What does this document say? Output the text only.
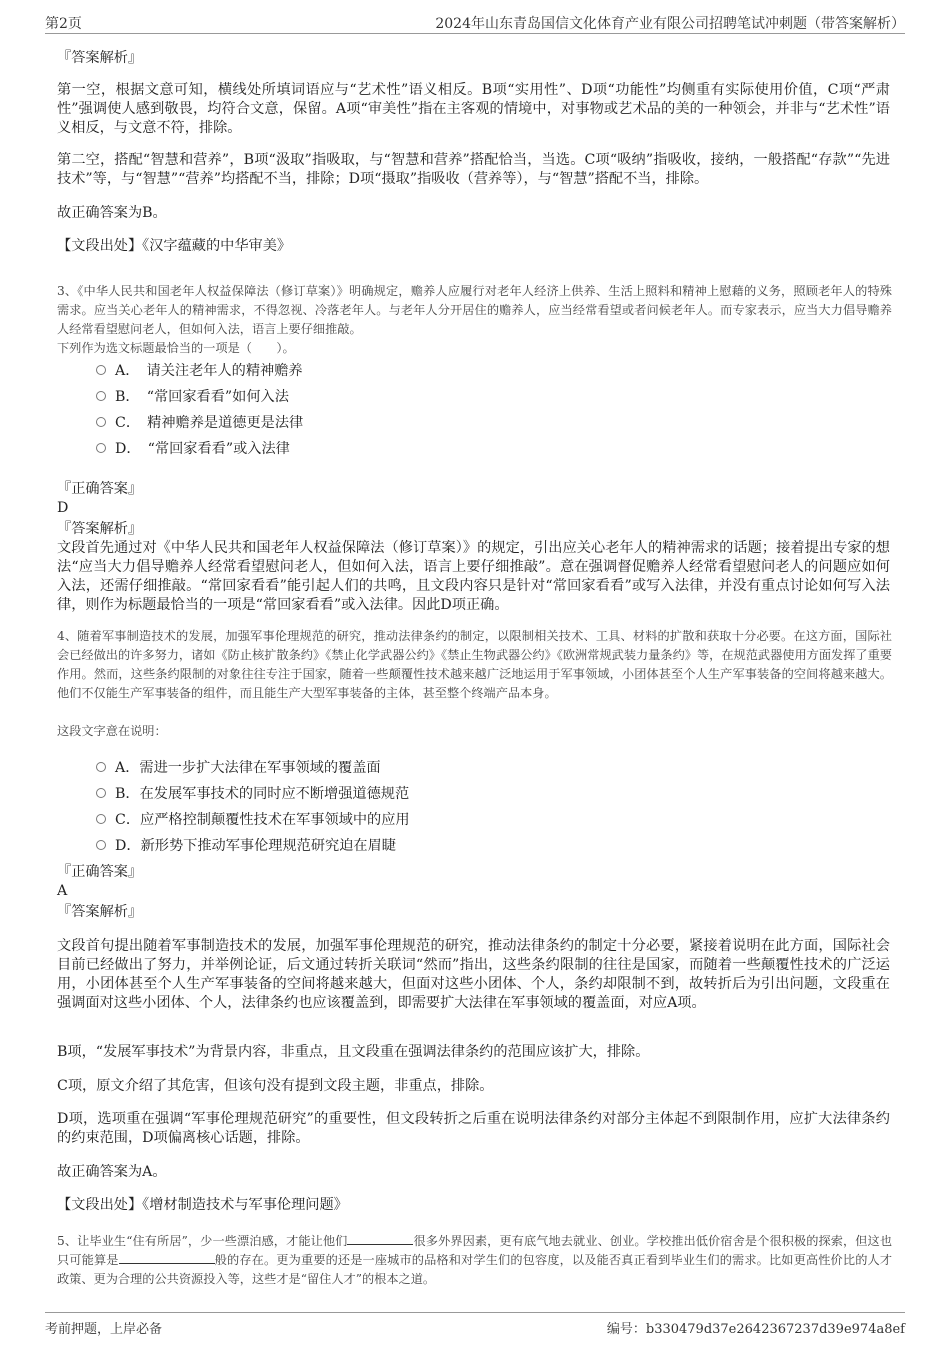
第2页	2024年山东青岛国信文化体育产业有限公司招聘笔试冲刺题（带答案解析）
『答案解析』
第一空，根据文意可知，横线处所填词语应与“艺术性”语义相反。B项“实用性”、D项“功能性”均侧重有实际使用价值，C项“严肃性”强调使人感到敬畏，均符合文意，保留。A项“审美性”指在主客观的情境中，对事物或艺术品的美的一种领会，并非与“艺术性”语义相反，与文意不符，排除。
第二空，搭配“智慧和营养”，B项“汲取”指吸取，与“智慧和营养”搭配恰当，当选。C项“吸纳”指吸收，接纳，一般搭配“存款”“先进技术”等，与“智慧”“营养”均搭配不当，排除；D项“摄取”指吸收（营养等），与“智慧”搭配不当，排除。
故正确答案为B。
【文段出处】《汉字蕴藏的中华审美》
3、《中华人民共和国老年人权益保障法（修订草案）》明确规定，赡养人应履行对老年人经济上供养、生活上照料和精神上慰藉的义务，照顾老年人的特殊需求。应当关心老年人的精神需求，不得忽视、冷落老年人。与老年人分开居住的赡养人，应当经常看望或者问候老年人。而专家表示，应当大力倡导赡养人经常看望慰问老人，但如何入法，语言上要仔细推敲。
下列作为选文标题最恰当的一项是（　　）。
A．　请关注老年人的精神赡养
B．　“常回家看看”如何入法
C．　精神赡养是道德更是法律
D．　“常回家看看”或入法律
『正确答案』
D
『答案解析』
文段首先通过对《中华人民共和国老年人权益保障法（修订草案）》的规定，引出应关心老年人的精神需求的话题；接着提出专家的想法“应当大力倡导赡养人经常看望慰问老人，但如何入法，语言上要仔细推敲”。意在强调督促赡养人经常看望慰问老人的问题应如何入法，还需仔细推敲。“常回家看看”能引起人们的共鸣，且文段内容只是针对“常回家看看”或写入法律，并没有重点讨论如何写入法律，则作为标题最恰当的一项是“常回家看看”或入法律。因此D项正确。
4、随着军事制造技术的发展，加强军事伦理规范的研究，推动法律条约的制定，以限制相关技术、工具、材料的扩散和获取十分必要。在这方面，国际社会已经做出的许多努力，诸如《防止核扩散条约》《禁止化学武器公约》《禁止生物武器公约》《欧洲常规武装力量条约》等，在规范武器使用方面发挥了重要作用。然而，这些条约限制的对象往往专注于国家，随着一些颠覆性技术越来越广泛地运用于军事领域，小团体甚至个人生产军事装备的空间将越来越大。他们不仅能生产军事装备的组件，而且能生产大型军事装备的主体，甚至整个终端产品本身。
这段文字意在说明：
A．需进一步扩大法律在军事领域的覆盖面
B．在发展军事技术的同时应不断增强道德规范
C．应严格控制颠覆性技术在军事领域中的应用
D．新形势下推动军事伦理规范研究迫在眉睫
『正确答案』
A
『答案解析』
文段首句提出随着军事制造技术的发展，加强军事伦理规范的研究，推动法律条约的制定十分必要，紧接着说明在此方面，国际社会目前已经做出了努力，并举例论证，后文通过转折关联词“然而”指出，这些条约限制的往往是国家，而随着一些颠覆性技术的广泛运用，小团体甚至个人生产军事装备的空间将越来越大，但面对这些小团体、个人，条约却限制不到，故转折后为引出问题，文段重在强调面对这些小团体、个人，法律条约也应该覆盖到，即需要扩大法律在军事领域的覆盖面，对应A项。
B项，“发展军事技术”为背景内容，非重点，且文段重在强调法律条约的范围应该扩大，排除。
C项，原文介绍了其危害，但该句没有提到文段主题，非重点，排除。
D项，选项重在强调“军事伦理规范研究”的重要性，但文段转折之后重在说明法律条约对部分主体起不到限制作用，应扩大法律条约的约束范围，D项偏离核心话题，排除。
故正确答案为A。
【文段出处】《增材制造技术与军事伦理问题》
5、让毕业生“住有所居”，少一些漂泊感，才能让他们	很多外界因素，更有底气地去就业、创业。学校推出低价宿舍是个很积极的探索，但这也只可能算是	般的存在。更为重要的还是一座城市的品格和对学生们的包容度，以及能否真正看到毕业生们的需求。比如更高性价比的人才政策、更为合理的公共资源投入等，这些才是“留住人才”的根本之道。
考前押题，上岸必备	编号：b330479d37e2642367237d39e974a8ef
